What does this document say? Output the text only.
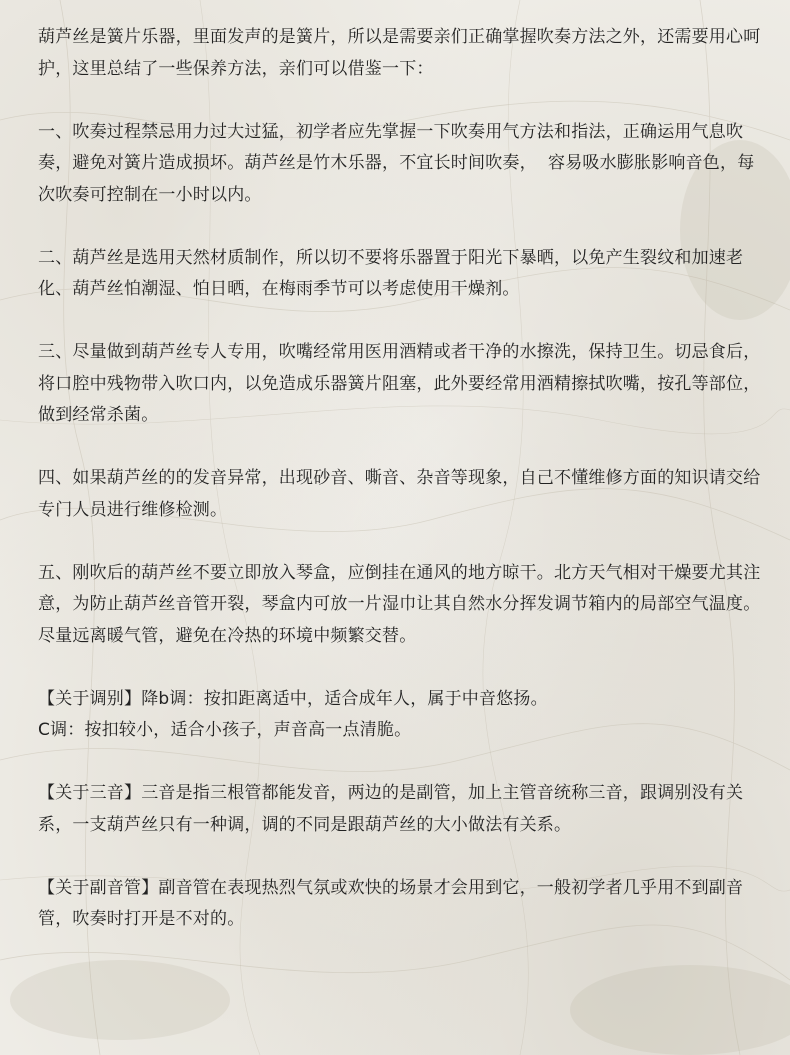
葫芦丝是簧片乐器，里面发声的是簧片，所以是需要亲们正确掌握吹奏方法之外，还需要用心呵护，这里总结了一些保养方法，亲们可以借鉴一下：

一、吹奏过程禁忌用力过大过猛，初学者应先掌握一下吹奏用气方法和指法，正确运用气息吹奏，避免对簧片造成损坏。葫芦丝是竹木乐器，不宜长时间吹奏，  容易吸水膨胀影响音色，每次吹奏可控制在一小时以内。

二、葫芦丝是选用天然材质制作，所以切不要将乐器置于阳光下暴晒，以免产生裂纹和加速老化、葫芦丝怕潮湿、怕日晒，在梅雨季节可以考虑使用干燥剂。

三、尽量做到葫芦丝专人专用，吹嘴经常用医用酒精或者干净的水擦洗，保持卫生。切忌食后，将口腔中残物带入吹口内，以免造成乐器簧片阻塞，此外要经常用酒精擦拭吹嘴，按孔等部位，做到经常杀菌。

四、如果葫芦丝的的发音异常，出现砂音、嘶音、杂音等现象，自己不懂维修方面的知识请交给专门人员进行维修检测。

五、刚吹后的葫芦丝不要立即放入琴盒，应倒挂在通风的地方晾干。北方天气相对干燥要尤其注意，为防止葫芦丝音管开裂，琴盒内可放一片湿巾让其自然水分挥发调节箱内的局部空气温度。尽量远离暖气管，避免在冷热的环境中频繁交替。

【关于调别】降b调：按扣距离适中，适合成年人，属于中音悠扬。

C调：按扣较小，适合小孩子，声音高一点清脆。

【关于三音】三音是指三根管都能发音，两边的是副管，加上主管音统称三音，跟调别没有关系，一支葫芦丝只有一种调，调的不同是跟葫芦丝的大小做法有关系。

【关于副音管】副音管在表现热烈气氛或欢快的场景才会用到它，一般初学者几乎用不到副音管，吹奏时打开是不对的。
